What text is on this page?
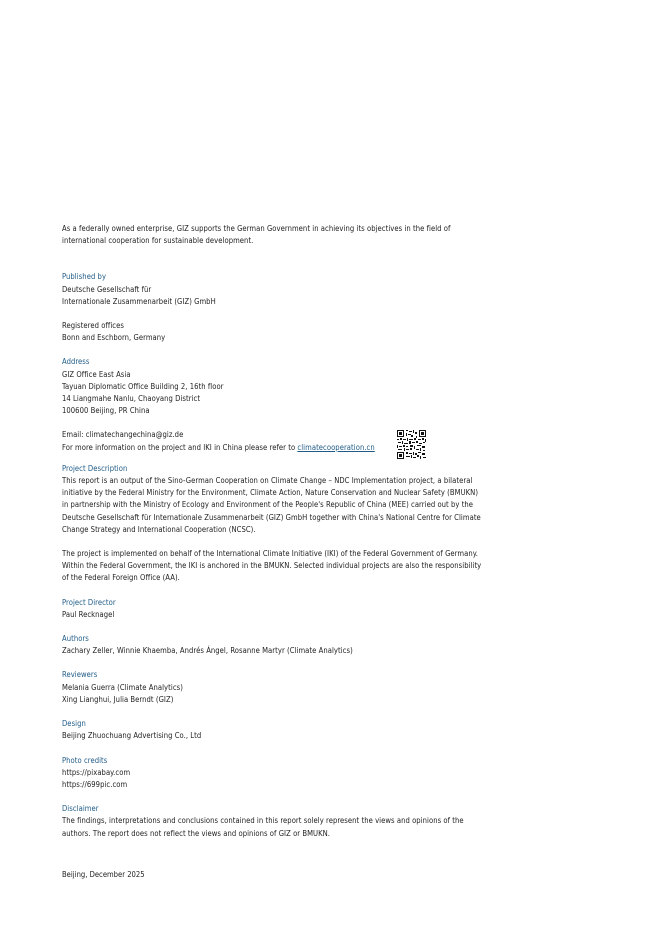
As a federally owned enterprise, GIZ supports the German Government in achieving its objectives in the field of
international cooperation for sustainable development.

Published by
Deutsche Gesellschaft für
Internationale Zusammenarbeit (GIZ) GmbH

Registered offices
Bonn and Eschborn, Germany

Address
GIZ Office East Asia
Tayuan Diplomatic Office Building 2, 16th floor
14 Liangmahe Nanlu, Chaoyang District
100600 Beijing, PR China

Email: climatechangechina@giz.de
For more information on the project and IKI in China please refer to climatecooperation.cn

Project Description
This report is an output of the Sino-German Cooperation on Climate Change – NDC Implementation project, a bilateral
initiative by the Federal Ministry for the Environment, Climate Action, Nature Conservation and Nuclear Safety (BMUKN)
in partnership with the Ministry of Ecology and Environment of the People's Republic of China (MEE) carried out by the
Deutsche Gesellschaft für Internationale Zusammenarbeit (GIZ) GmbH together with China's National Centre for Climate
Change Strategy and International Cooperation (NCSC).

The project is implemented on behalf of the International Climate Initiative (IKI) of the Federal Government of Germany.
Within the Federal Government, the IKI is anchored in the BMUKN. Selected individual projects are also the responsibility
of the Federal Foreign Office (AA).

Project Director
Paul Recknagel

Authors
Zachary Zeller, Winnie Khaemba, Andrés Ángel, Rosanne Martyr (Climate Analytics)

Reviewers
Melania Guerra (Climate Analytics)
Xing Lianghui, Julia Berndt (GIZ)

Design
Beijing Zhuochuang Advertising Co., Ltd

Photo credits
https://pixabay.com
https://699pic.com

Disclaimer
The findings, interpretations and conclusions contained in this report solely represent the views and opinions of the
authors. The report does not reflect the views and opinions of GIZ or BMUKN.

Beijing, December 2025
